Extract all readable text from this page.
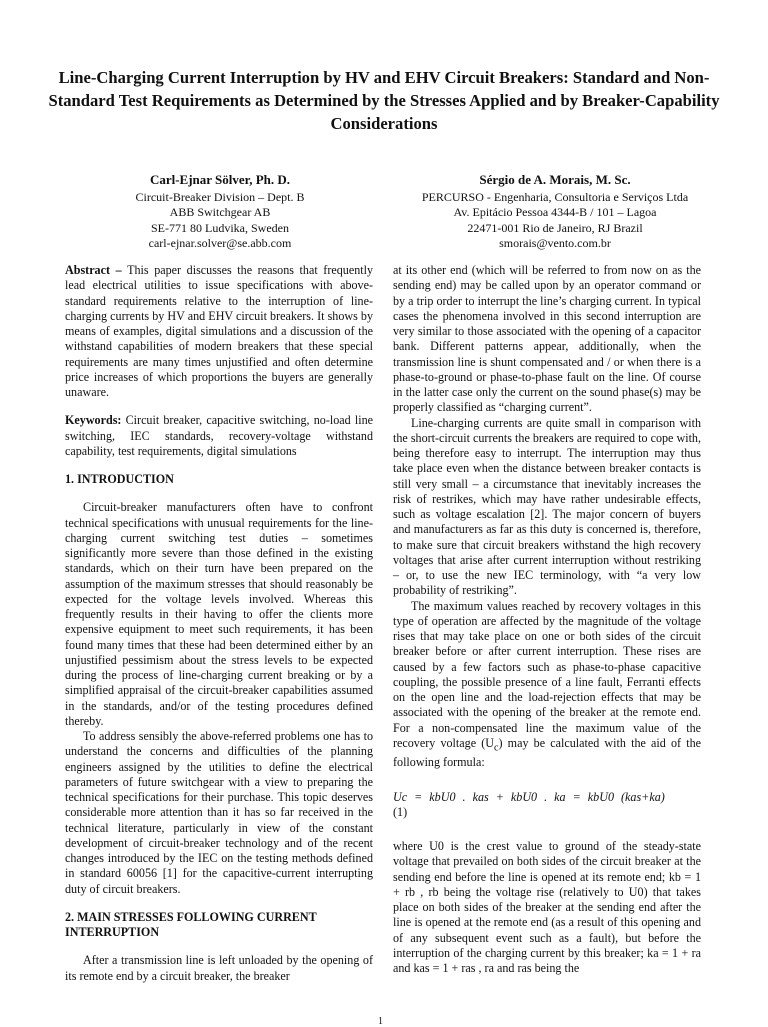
Line-Charging Current Interruption by HV and EHV Circuit Breakers: Standard and Non-Standard Test Requirements as Determined by the Stresses Applied and by Breaker-Capability Considerations
Carl-Ejnar Sölver, Ph. D.
Circuit-Breaker Division – Dept. B
ABB Switchgear AB
SE-771 80 Ludvika, Sweden
carl-ejnar.solver@se.abb.com
Sérgio de A. Morais, M. Sc.
PERCURSO - Engenharia, Consultoria e Serviços Ltda
Av. Epitácio Pessoa 4344-B / 101 – Lagoa
22471-001 Rio de Janeiro, RJ Brazil
smorais@vento.com.br

Abstract – This paper discusses the reasons that frequently lead electrical utilities to issue specifications with above-standard requirements relative to the interruption of line-charging currents by HV and EHV circuit breakers. It shows by means of examples, digital simulations and a discussion of the withstand capabilities of modern breakers that these special requirements are many times unjustified and often determine price increases of which proportions the buyers are generally unaware.

Keywords: Circuit breaker, capacitive switching, no-load line switching, IEC standards, recovery-voltage withstand capability, test requirements, digital simulations

1. INTRODUCTION

Circuit-breaker manufacturers often have to confront technical specifications with unusual requirements for the line-charging current switching test duties – sometimes significantly more severe than those defined in the existing standards, which on their turn have been prepared on the assumption of the maximum stresses that should reasonably be expected for the voltage levels involved. Whereas this frequently results in their having to offer the clients more expensive equipment to meet such requirements, it has been found many times that these had been determined either by an unjustified pessimism about the stress levels to be expected during the process of line-charging current breaking or by a simplified appraisal of the circuit-breaker capabilities assumed in the standards, and/or of the testing procedures defined thereby.

To address sensibly the above-referred problems one has to understand the concerns and difficulties of the planning engineers assigned by the utilities to define the electrical parameters of future switchgear with a view to preparing the technical specifications for their purchase. This topic deserves considerable more attention than it has so far received in the technical literature, particularly in view of the constant development of circuit-breaker technology and of the recent changes introduced by the IEC on the testing methods defined in standard 60056 [1] for the capacitive-current interrupting duty of circuit breakers.

2. MAIN STRESSES FOLLOWING CURRENT INTERRUPTION

After a transmission line is left unloaded by the opening of its remote end by a circuit breaker, the breaker

at its other end (which will be referred to from now on as the sending end) may be called upon by an operator command or by a trip order to interrupt the line’s charging current. In typical cases the phenomena involved in this second interruption are very similar to those associated with the opening of a capacitor bank. Different patterns appear, additionally, when the transmission line is shunt compensated and / or when there is a phase-to-ground or phase-to-phase fault on the line. Of course in the latter case only the current on the sound phase(s) may be properly classified as “charging current”.

Line-charging currents are quite small in comparison with the short-circuit currents the breakers are required to cope with, being therefore easy to interrupt. The interruption may thus take place even when the distance between breaker contacts is still very small – a circumstance that inevitably increases the risk of restrikes, which may have rather undesirable effects, such as voltage escalation [2]. The major concern of buyers and manufacturers as far as this duty is concerned is, therefore, to make sure that circuit breakers withstand the high recovery voltages that arise after current interruption without restriking – or, to use the new IEC terminology, with “a very low probability of restriking”.

The maximum values reached by recovery voltages in this type of operation are affected by the magnitude of the voltage rises that may take place on one or both sides of the circuit breaker before or after current interruption. These rises are caused by a few factors such as phase-to-phase capacitive coupling, the possible presence of a line fault, Ferranti effects on the open line and the load-rejection effects that may be associated with the opening of the breaker at the remote end. For a non-compensated line the maximum value of the recovery voltage $(U_c)$ may be calculated with the aid of the following formula:

Uc = kbU0 . kas + kbU0 . ka = kbU0 (kas+ka)
(1)

where U0 is the crest value to ground of the steady-state voltage that prevailed on both sides of the circuit breaker at the sending end before the line is opened at its remote end; kb = 1 + rb , rb being the voltage rise (relatively to U0) that takes place on both sides of the breaker at the sending end after the line is opened at the remote end (as a result of this opening and of any subsequent event such as a fault), but before the interruption of the charging current by this breaker; ka = 1 + ra and kas = 1 + ras , ra and ras being the

1
